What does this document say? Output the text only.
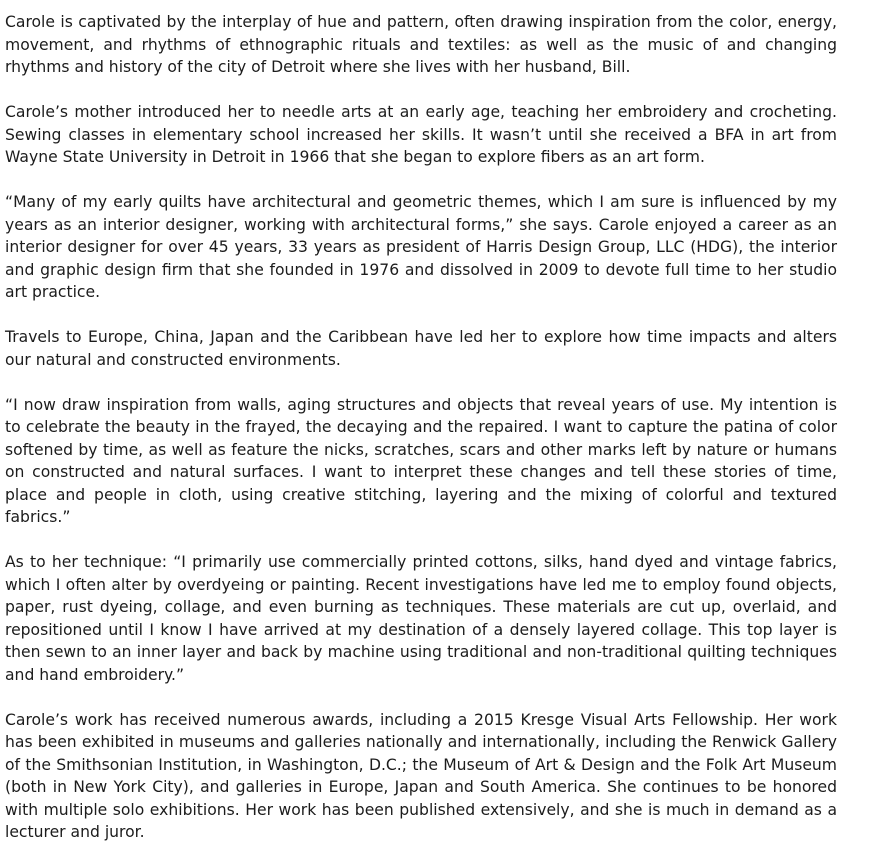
Carole is captivated by the interplay of hue and pattern, often drawing inspiration from the color, energy, movement, and rhythms of ethnographic rituals and textiles: as well as the music of and changing rhythms and history of the city of Detroit where she lives with her husband, Bill.

Carole’s mother introduced her to needle arts at an early age, teaching her embroidery and crocheting. Sewing classes in elementary school increased her skills. It wasn’t until she received a BFA in art from Wayne State University in Detroit in 1966 that she began to explore fibers as an art form.

“Many of my early quilts have architectural and geometric themes, which I am sure is influenced by my years as an interior designer, working with architectural forms,” she says. Carole enjoyed a career as an interior designer for over 45 years, 33 years as president of Harris Design Group, LLC (HDG), the interior and graphic design firm that she founded in 1976 and dissolved in 2009 to devote full time to her studio art practice.

Travels to Europe, China, Japan and the Caribbean have led her to explore how time impacts and alters our natural and constructed environments.

“I now draw inspiration from walls, aging structures and objects that reveal years of use. My intention is to celebrate the beauty in the frayed, the decaying and the repaired. I want to capture the patina of color softened by time, as well as feature the nicks, scratches, scars and other marks left by nature or humans on constructed and natural surfaces. I want to interpret these changes and tell these stories of time, place and people in cloth, using creative stitching, layering and the mixing of colorful and textured fabrics.”

As to her technique: “I primarily use commercially printed cottons, silks, hand dyed and vintage fabrics, which I often alter by overdyeing or painting. Recent investigations have led me to employ found objects, paper, rust dyeing, collage, and even burning as techniques. These materials are cut up, overlaid, and repositioned until I know I have arrived at my destination of a densely layered collage. This top layer is then sewn to an inner layer and back by machine using traditional and non-traditional quilting techniques and hand embroidery.”

Carole’s work has received numerous awards, including a 2015 Kresge Visual Arts Fellowship. Her work has been exhibited in museums and galleries nationally and internationally, including the Renwick Gallery of the Smithsonian Institution, in Washington, D.C.; the Museum of Art & Design and the Folk Art Museum (both in New York City), and galleries in Europe, Japan and South America. She continues to be honored with multiple solo exhibitions. Her work has been published extensively, and she is much in demand as a lecturer and juror.
